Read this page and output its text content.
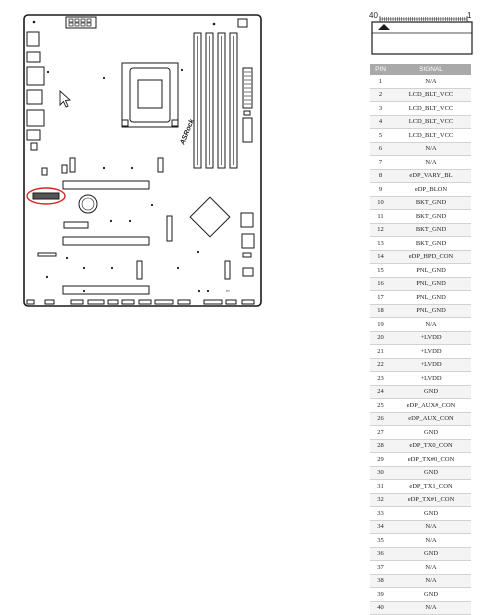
ASRock
▪▪▪
40	1
PIN	SIGNAL
1	N/A
2	LCD_BLT_VCC
3	LCD_BLT_VCC
4	LCD_BLT_VCC
5	LCD_BLT_VCC
6	N/A
7	N/A
8	eDP_VARY_BL
9	eDP_BLON
10	BKT_GND
11	BKT_GND
12	BKT_GND
13	BKT_GND
14	eDP_HPD_CON
15	PNL_GND
16	PNL_GND
17	PNL_GND
18	PNL_GND
19	N/A
20	+LVDD
21	+LVDD
22	+LVDD
23	+LVDD
24	GND
25	eDP_AUX#_CON
26	eDP_AUX_CON
27	GND
28	eDP_TX0_CON
29	eDP_TX#0_CON
30	GND
31	eDP_TX1_CON
32	eDP_TX#1_CON
33	GND
34	N/A
35	N/A
36	GND
37	N/A
38	N/A
39	GND
40	N/A
